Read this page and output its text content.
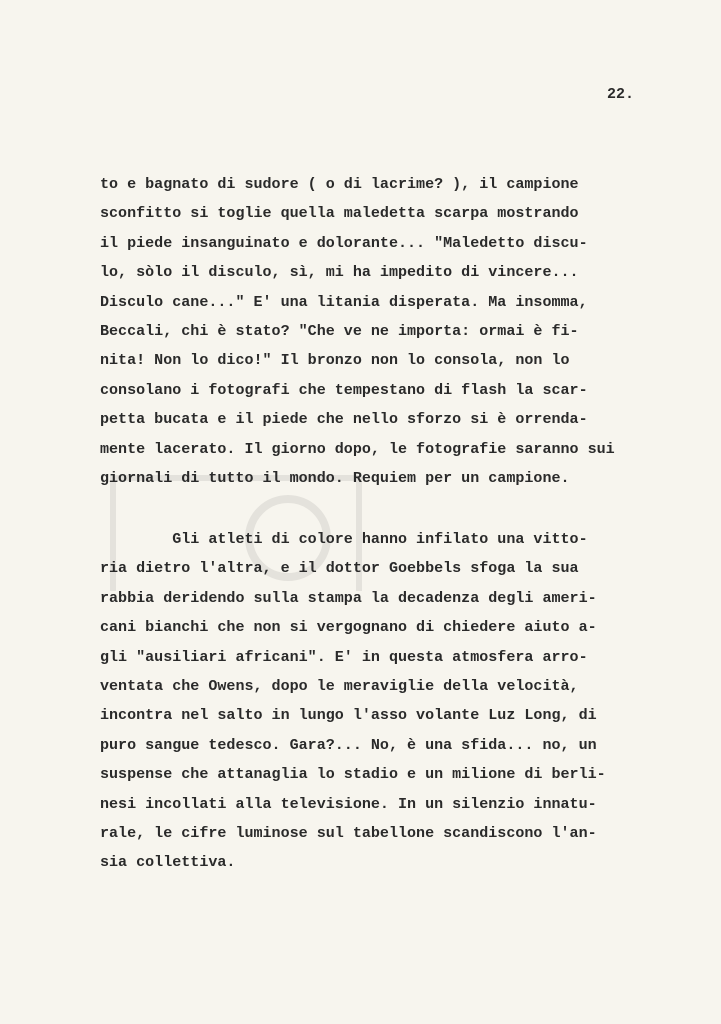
22.
to e bagnato di sudore ( o di lacrime? ), il campione
sconfitto si toglie quella maledetta scarpa mostrando
il piede insanguinato e dolorante... "Maledetto discu-
lo, sòlo il disculo, sì, mi ha impedito di vincere...
Disculo cane..." E' una litania disperata. Ma insomma,
Beccali, chi è stato? "Che ve ne importa: ormai è fi-
nita! Non lo dico!" Il bronzo non lo consola, non lo
consolano i fotografi che tempestano di flash la scar-
petta bucata e il piede che nello sforzo si è orrenda-
mente lacerato. Il giorno dopo, le fotografie saranno sui
giornali di tutto il mondo. Requiem per un campione.
Gli atleti di colore hanno infilato una vitto-
ria dietro l'altra, e il dottor Goebbels sfoga la sua
rabbia deridendo sulla stampa la decadenza degli ameri-
cani bianchi che non si vergognano di chiedere aiuto a-
gli "ausiliari africani". E' in questa atmosfera arro-
ventata che Owens, dopo le meraviglie della velocità,
incontra nel salto in lungo l'asso volante Luz Long, di
puro sangue tedesco. Gara?... No, è una sfida... no, un
suspense che attanaglia lo stadio e un milione di berli-
nesi incollati alla televisione. In un silenzio innatu-
rale, le cifre luminose sul tabellone scandiscono l'an-
sia collettiva.
